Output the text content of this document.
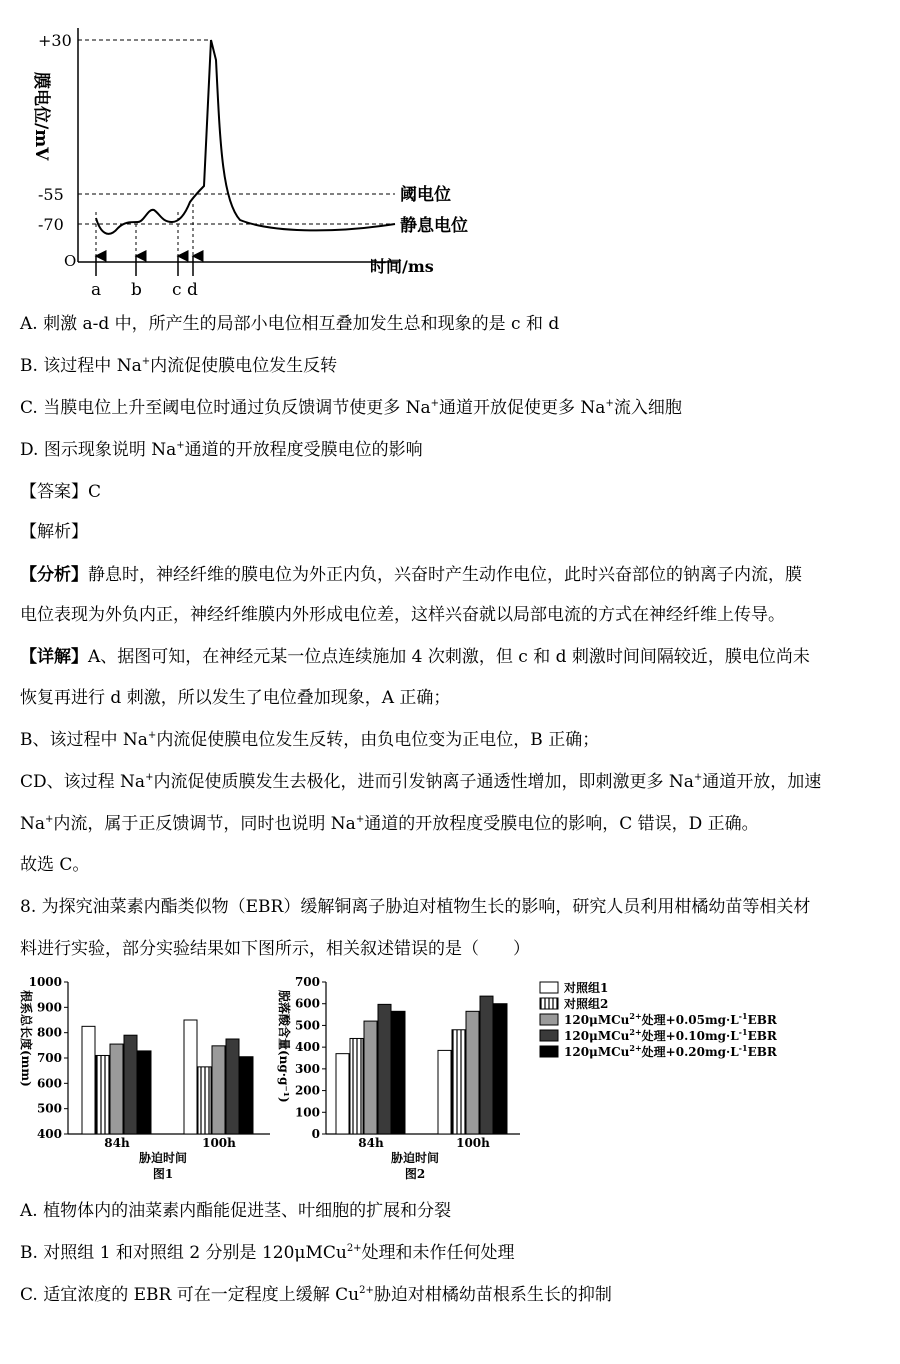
+30
-55
-70
O
膜电位/mV
时间/ms
阈电位
静息电位
a b c d
A. 刺激 a-d 中，所产生的局部小电位相互叠加发生总和现象的是 c 和 d
B. 该过程中 Na+内流促使膜电位发生反转
C. 当膜电位上升至阈电位时通过负反馈调节使更多 Na+通道开放促使更多 Na+流入细胞
D. 图示现象说明 Na+通道的开放程度受膜电位的影响
【答案】C
【解析】
【分析】静息时，神经纤维的膜电位为外正内负，兴奋时产生动作电位，此时兴奋部位的钠离子内流，膜
电位表现为外负内正，神经纤维膜内外形成电位差，这样兴奋就以局部电流的方式在神经纤维上传导。
【详解】A、据图可知，在神经元某一位点连续施加 4 次刺激，但 c 和 d 刺激时间间隔较近，膜电位尚未
恢复再进行 d 刺激，所以发生了电位叠加现象，A 正确；
B、该过程中 Na+内流促使膜电位发生反转，由负电位变为正电位，B 正确；
CD、该过程 Na+内流促使质膜发生去极化，进而引发钠离子通透性增加，即刺激更多 Na+通道开放，加速
Na+内流，属于正反馈调节，同时也说明 Na+通道的开放程度受膜电位的影响，C 错误，D 正确。
故选 C。
8. 为探究油菜素内酯类似物（EBR）缓解铜离子胁迫对植物生长的影响，研究人员利用柑橘幼苗等相关材
料进行实验，部分实验结果如下图所示，相关叙述错误的是（　　）
400
500
600
700
800
900
1000
84h	100h
胁迫时间
图1
根系总长度(mm)
0
100
200
300
400
500
600
700
84h	100h
胁迫时间
图2
脱落酸含量(ng·g⁻¹)
对照组1
对照组2
120μMCu$^{2+}$处理$+0.05mg\cdot L^{-1}EBR$
120μMCu$^{2+}$处理$+0.10mg\cdot L^{-1}EBR$
120μMCu$^{2+}$处理$+0.20mg\cdot L^{-1}EBR$
A. 植物体内的油菜素内酯能促进茎、叶细胞的扩展和分裂
B. 对照组 1 和对照组 2 分别是 120μMCu$^{2+}$处理和未作任何处理
C. 适宜浓度的 EBR 可在一定程度上缓解 $Cu^{2+}$胁迫对柑橘幼苗根系生长的抑制
